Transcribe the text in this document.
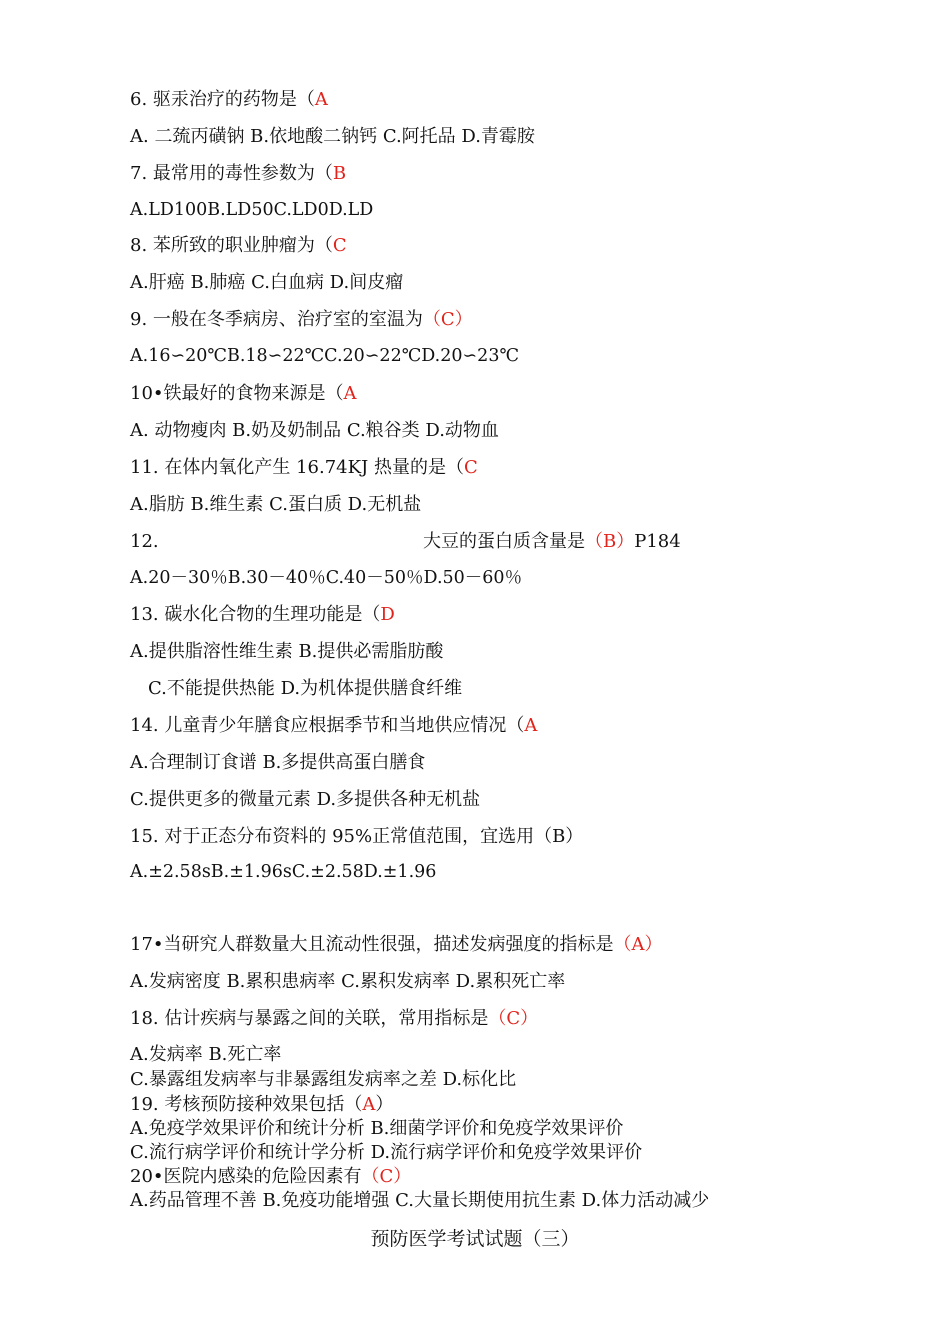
6. 驱汞治疗的药物是（A
A. 二巯丙磺钠 B.依地酸二钠钙 C.阿托品 D.青霉胺
7. 最常用的毒性参数为（B
A.LD100B.LD50C.LD0D.LD
8. 苯所致的职业肿瘤为（C
A.肝癌 B.肺癌 C.白血病 D.间皮瘤
9. 一般在冬季病房、治疗室的室温为（C）
A.16∽20℃B.18∽22℃C.20∽22℃D.20∽23℃
10•铁最好的食物来源是（A
A. 动物瘦肉 B.奶及奶制品 C.粮谷类 D.动物血
11. 在体内氧化产生 16.74KJ 热量的是（C
A.脂肪 B.维生素 C.蛋白质 D.无机盐
12.	大豆的蛋白质含量是（B）P184
A.20－30％B.30－40％C.40－50％D.50－60％
13. 碳水化合物的生理功能是（D
A.提供脂溶性维生素 B.提供必需脂肪酸
C.不能提供热能 D.为机体提供膳食纤维
14. 儿童青少年膳食应根据季节和当地供应情况（A
A.合理制订食谱 B.多提供高蛋白膳食
C.提供更多的微量元素 D.多提供各种无机盐
15. 对于正态分布资料的 95%正常值范围，宜选用（B）
A.±2.58sB.±1.96sC.±2.58D.±1.96
17•当研究人群数量大且流动性很强，描述发病强度的指标是（A）
A.发病密度 B.累积患病率 C.累积发病率 D.累积死亡率
18. 估计疾病与暴露之间的关联，常用指标是（C）
A.发病率 B.死亡率
C.暴露组发病率与非暴露组发病率之差 D.标化比
19. 考核预防接种效果包括（A）
A.免疫学效果评价和统计分析 B.细菌学评价和免疫学效果评价
C.流行病学评价和统计学分析 D.流行病学评价和免疫学效果评价
20•医院内感染的危险因素有（C）
A.药品管理不善 B.免疫功能增强 C.大量长期使用抗生素 D.体力活动减少
预防医学考试试题（三）
